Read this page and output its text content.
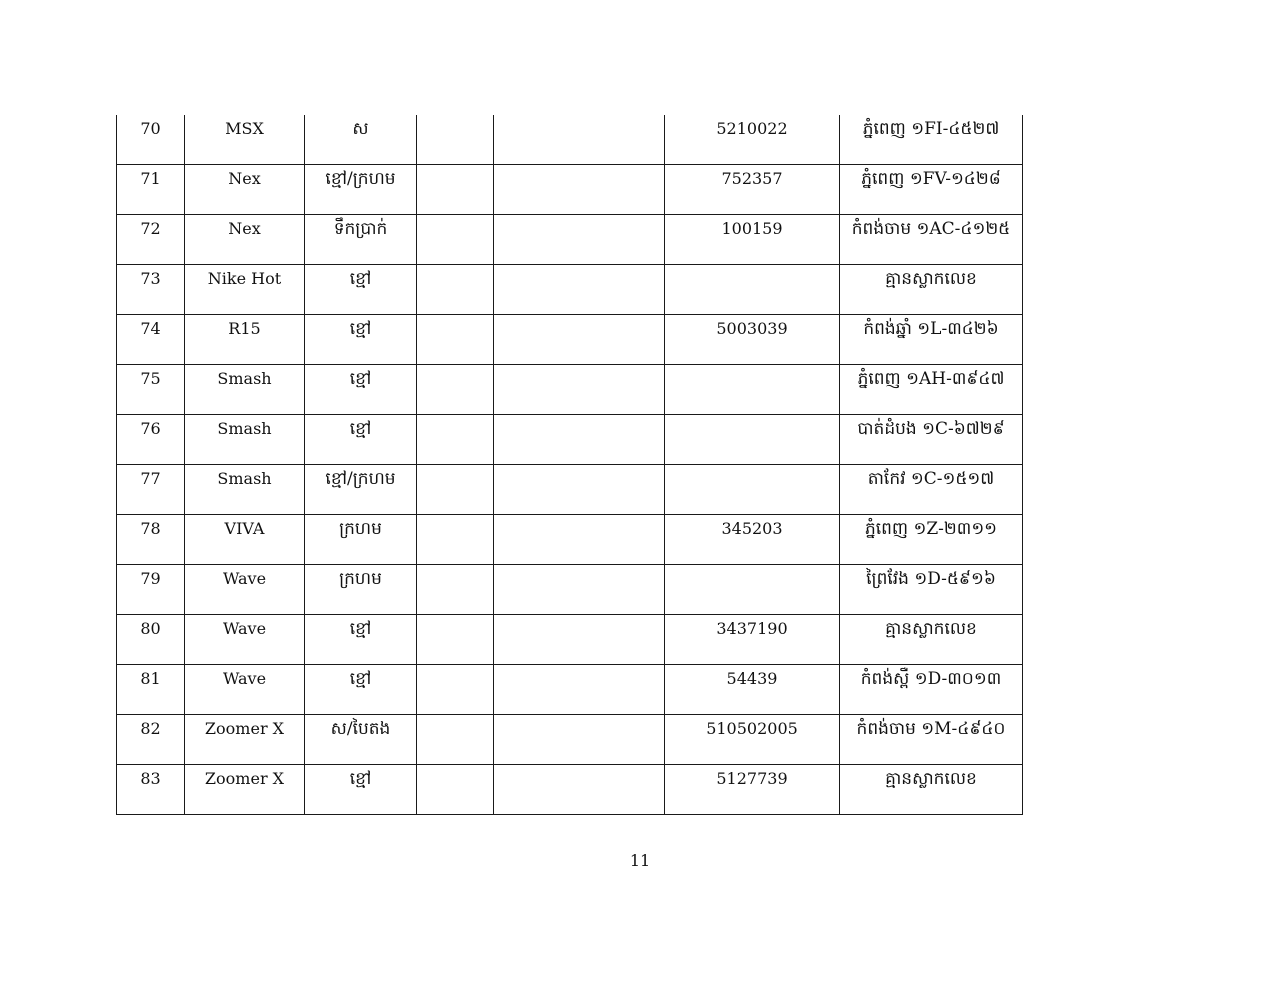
70	MSX	ស			5210022	ភ្នំពេញ ១FI-៤៥២៧

71	Nex	ខ្មៅ/ក្រហម			752357	ភ្នំពេញ ១FV-១៤២៨

72	Nex	ទឹកប្រាក់			100159	កំពង់ចាម ១AC-៤១២៥

73	Nike Hot	ខ្មៅ				គ្មានស្លាកលេខ

74	R15	ខ្មៅ			5003039	កំពង់ឆ្នាំ ១L-៣៤២៦

75	Smash	ខ្មៅ				ភ្នំពេញ ១AH-៣៩៤៧

76	Smash	ខ្មៅ				បាត់ដំបង ១C-៦៧២៩

77	Smash	ខ្មៅ/ក្រហម				តាកែវ ១C-១៥១៧

78	VIVA	ក្រហម			345203	ភ្នំពេញ ១Z-២៣១១

79	Wave	ក្រហម				ព្រៃវែង ១D-៥៩១៦

80	Wave	ខ្មៅ			3437190	គ្មានស្លាកលេខ

81	Wave	ខ្មៅ			54439	កំពង់ស្ពឺ ១D-៣០១៣

82	Zoomer X	ស/បៃតង			510502005	កំពង់ចាម ១M-៤៩៤០

83	Zoomer X	ខ្មៅ			5127739	គ្មានស្លាកលេខ
11
